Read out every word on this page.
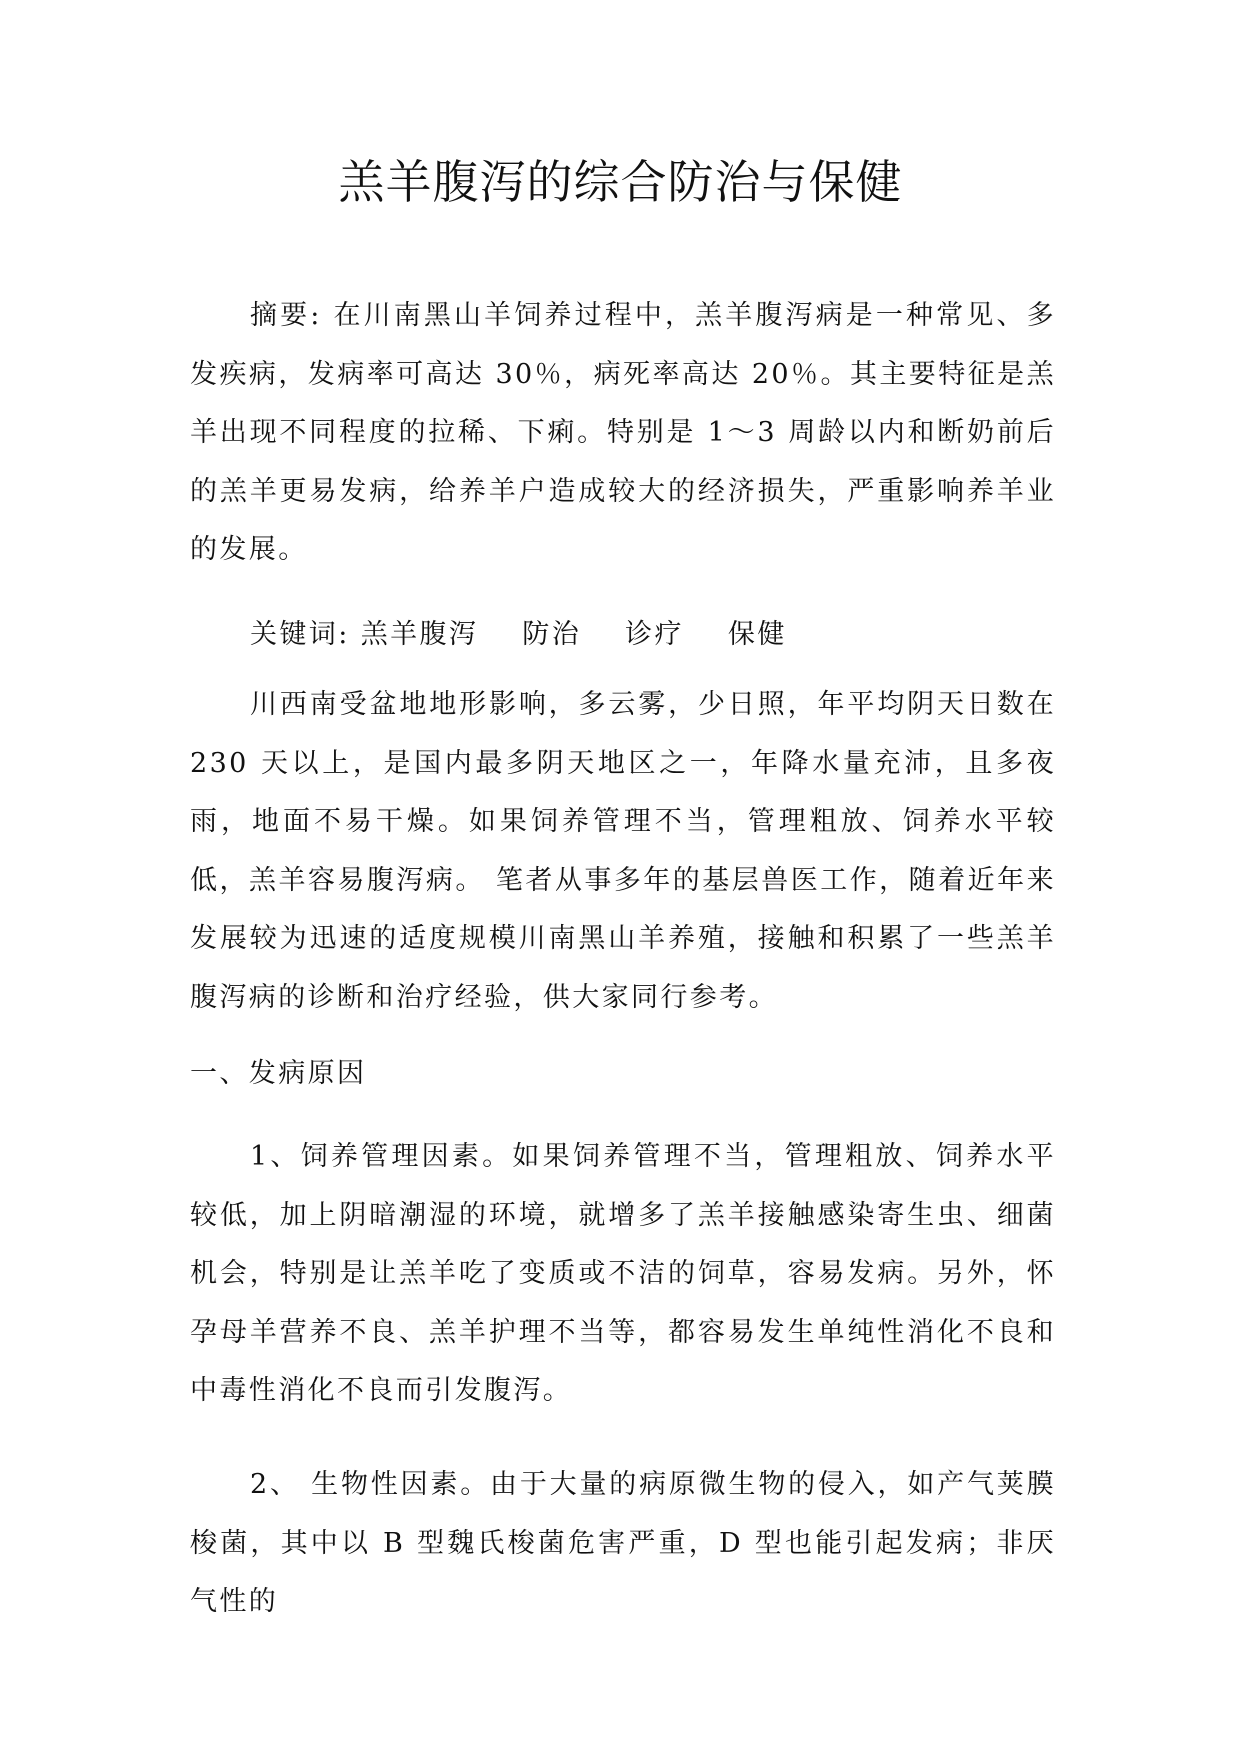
羔羊腹泻的综合防治与保健

摘要: 在川南黑山羊饲养过程中，羔羊腹泻病是一种常见、多发疾病，发病率可高达 30％，病死率高达 20％。其主要特征是羔羊出现不同程度的拉稀、下痢。特别是 1～3 周龄以内和断奶前后的羔羊更易发病，给养羊户造成较大的经济损失，严重影响养羊业的发展。

关键词: 羔羊腹泻 防治 诊疗 保健

川西南受盆地地形影响，多云雾，少日照，年平均阴天日数在 230 天以上，是国内最多阴天地区之一，年降水量充沛，且多夜雨，地面不易干燥。如果饲养管理不当，管理粗放、饲养水平较低，羔羊容易腹泻病。 笔者从事多年的基层兽医工作，随着近年来发展较为迅速的适度规模川南黑山羊养殖，接触和积累了一些羔羊腹泻病的诊断和治疗经验，供大家同行参考。

一、发病原因

1、饲养管理因素。如果饲养管理不当，管理粗放、饲养水平较低，加上阴暗潮湿的环境，就增多了羔羊接触感染寄生虫、细菌机会，特别是让羔羊吃了变质或不洁的饲草，容易发病。另外，怀孕母羊营养不良、羔羊护理不当等，都容易发生单纯性消化不良和中毒性消化不良而引发腹泻。

2、 生物性因素。由于大量的病原微生物的侵入，如产气荚膜梭菌，其中以 B 型魏氏梭菌危害严重，D 型也能引起发病；非厌气性的
